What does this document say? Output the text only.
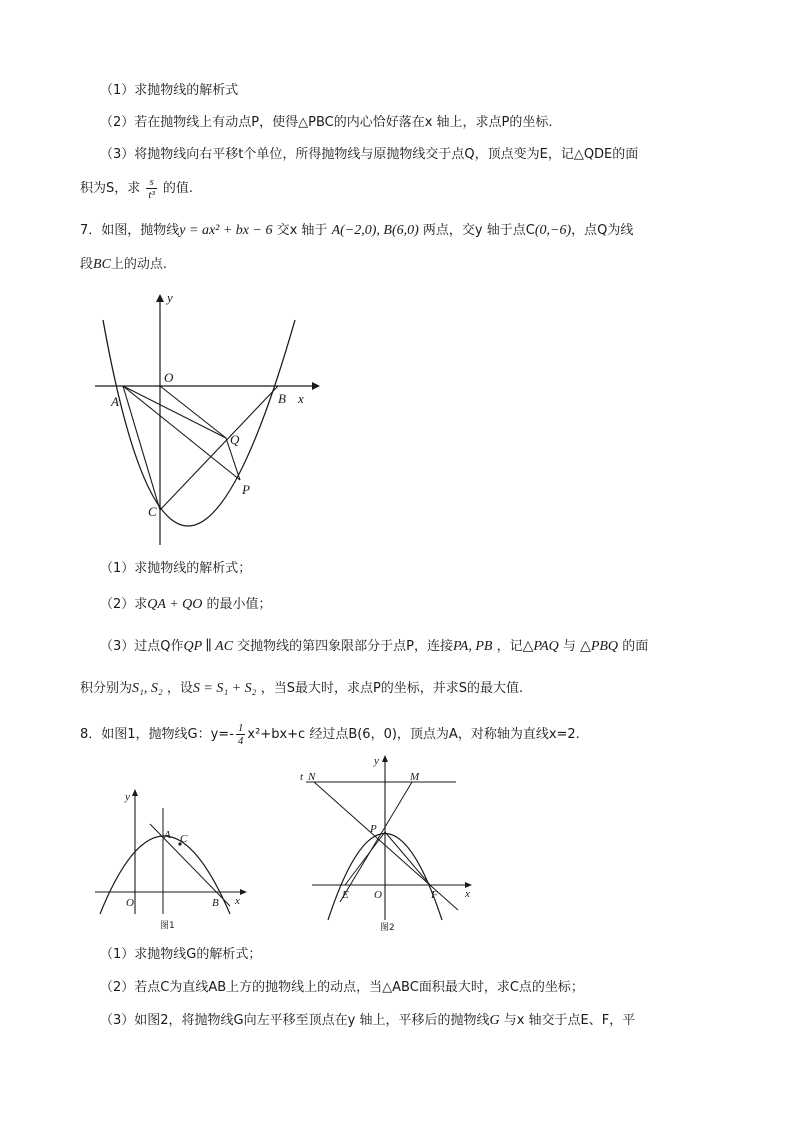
（1）求抛物线的解析式
（2）若在抛物线上有动点P，使得△PBC的内心恰好落在x 轴上，求点P的坐标.
（3）将抛物线向右平移t个单位，所得抛物线与原抛物线交于点Q，顶点变为E，记△QDE的面
积为S，求 $\frac{s}{\text{t³}}$ 的值.
7．如图，抛物线y = ax² + bx − 6 交x 轴于 A(−2,0), B(6,0) 两点，交y 轴于点C(0,−6)，点Q为线
段BC上的动点.
y
x
O
A	B
C
Q
P
（1）求抛物线的解析式；
（2）求QA + QO 的最小值；
（3）过点Q作QP ∥ AC 交抛物线的第四象限部分于点P，连接PA, PB ，记△PAQ 与 △PBQ 的面
积分别为S₁, S₂ ，设S = S₁ + S₂ ，当S最大时，求点P的坐标，并求S的最大值.
8．如图1，抛物线G：$y=- \frac{1}{4} x^2+bx+c$ 经过点B(6，0)，顶点为A，对称轴为直线x=2.
y
x
O
A C
B
图1
t N	M
y
P
x
E O	F
图2
（1）求抛物线G的解析式；
（2）若点C为直线AB上方的抛物线上的动点，当△ABC面积最大时，求C点的坐标；
（3）如图2，将抛物线G向左平移至顶点在y 轴上，平移后的抛物线G 与x 轴交于点E、F，平
